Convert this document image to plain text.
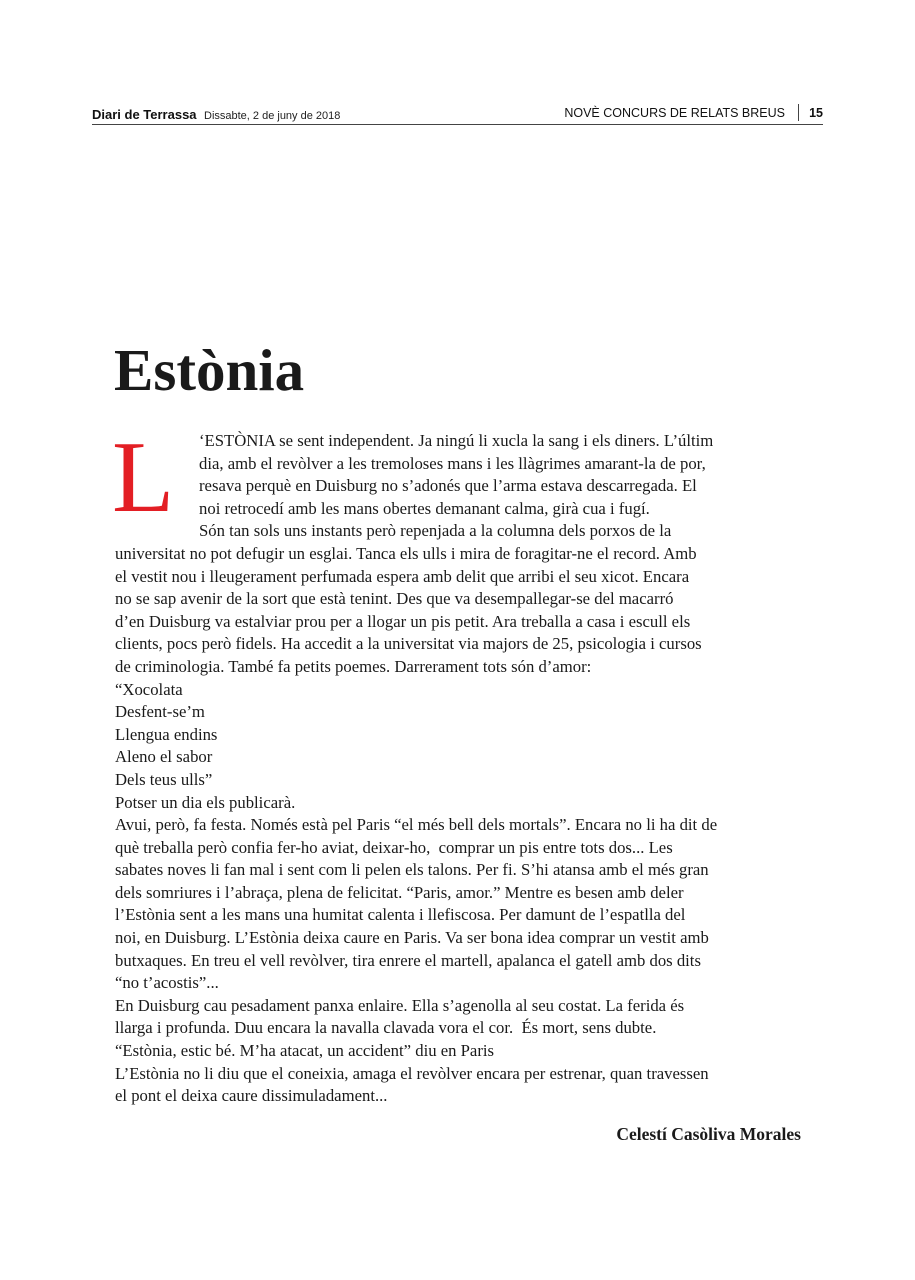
Diari de Terrassa Dissabte, 2 de juny de 2018	NOVÈ CONCURS DE RELATS BREUS 15
Estònia
L	‘ESTÒNIA se sent independent. Ja ningú li xucla la sang i els diners. L’últim

dia, amb el revòlver a les tremoloses mans i les llàgrimes amarant-la de por,

resava perquè en Duisburg no s’adonés que l’arma estava descarregada. El

noi retrocedí amb les mans obertes demanant calma, girà cua i fugí.

Són tan sols uns instants però repenjada a la columna dels porxos de la

universitat no pot defugir un esglai. Tanca els ulls i mira de foragitar-ne el record. Amb

el vestit nou i lleugerament perfumada espera amb delit que arribi el seu xicot. Encara

no se sap avenir de la sort que està tenint. Des que va desempallegar-se del macarró

d’en Duisburg va estalviar prou per a llogar un pis petit. Ara treballa a casa i escull els

clients, pocs però fidels. Ha accedit a la universitat via majors de 25, psicologia i cursos

de criminologia. També fa petits poemes. Darrerament tots són d’amor:

“Xocolata

Desfent-se’m

Llengua endins

Aleno el sabor

Dels teus ulls”

Potser un dia els publicarà.

Avui, però, fa festa. Només està pel Paris “el més bell dels mortals”. Encara no li ha dit de

què treballa però confia fer-ho aviat, deixar-ho,  comprar un pis entre tots dos... Les

sabates noves li fan mal i sent com li pelen els talons. Per fi. S’hi atansa amb el més gran

dels somriures i l’abraça, plena de felicitat. “Paris, amor.” Mentre es besen amb deler

l’Estònia sent a les mans una humitat calenta i llefiscosa. Per damunt de l’espatlla del

noi, en Duisburg. L’Estònia deixa caure en Paris. Va ser bona idea comprar un vestit amb

butxaques. En treu el vell revòlver, tira enrere el martell, apalanca el gatell amb dos dits

“no t’acostis”...

En Duisburg cau pesadament panxa enlaire. Ella s’agenolla al seu costat. La ferida és

llarga i profunda. Duu encara la navalla clavada vora el cor.  És mort, sens dubte.

“Estònia, estic bé. M’ha atacat, un accident” diu en Paris

L’Estònia no li diu que el coneixia, amaga el revòlver encara per estrenar, quan travessen

el pont el deixa caure dissimuladament...

Celestí Casòliva Morales
